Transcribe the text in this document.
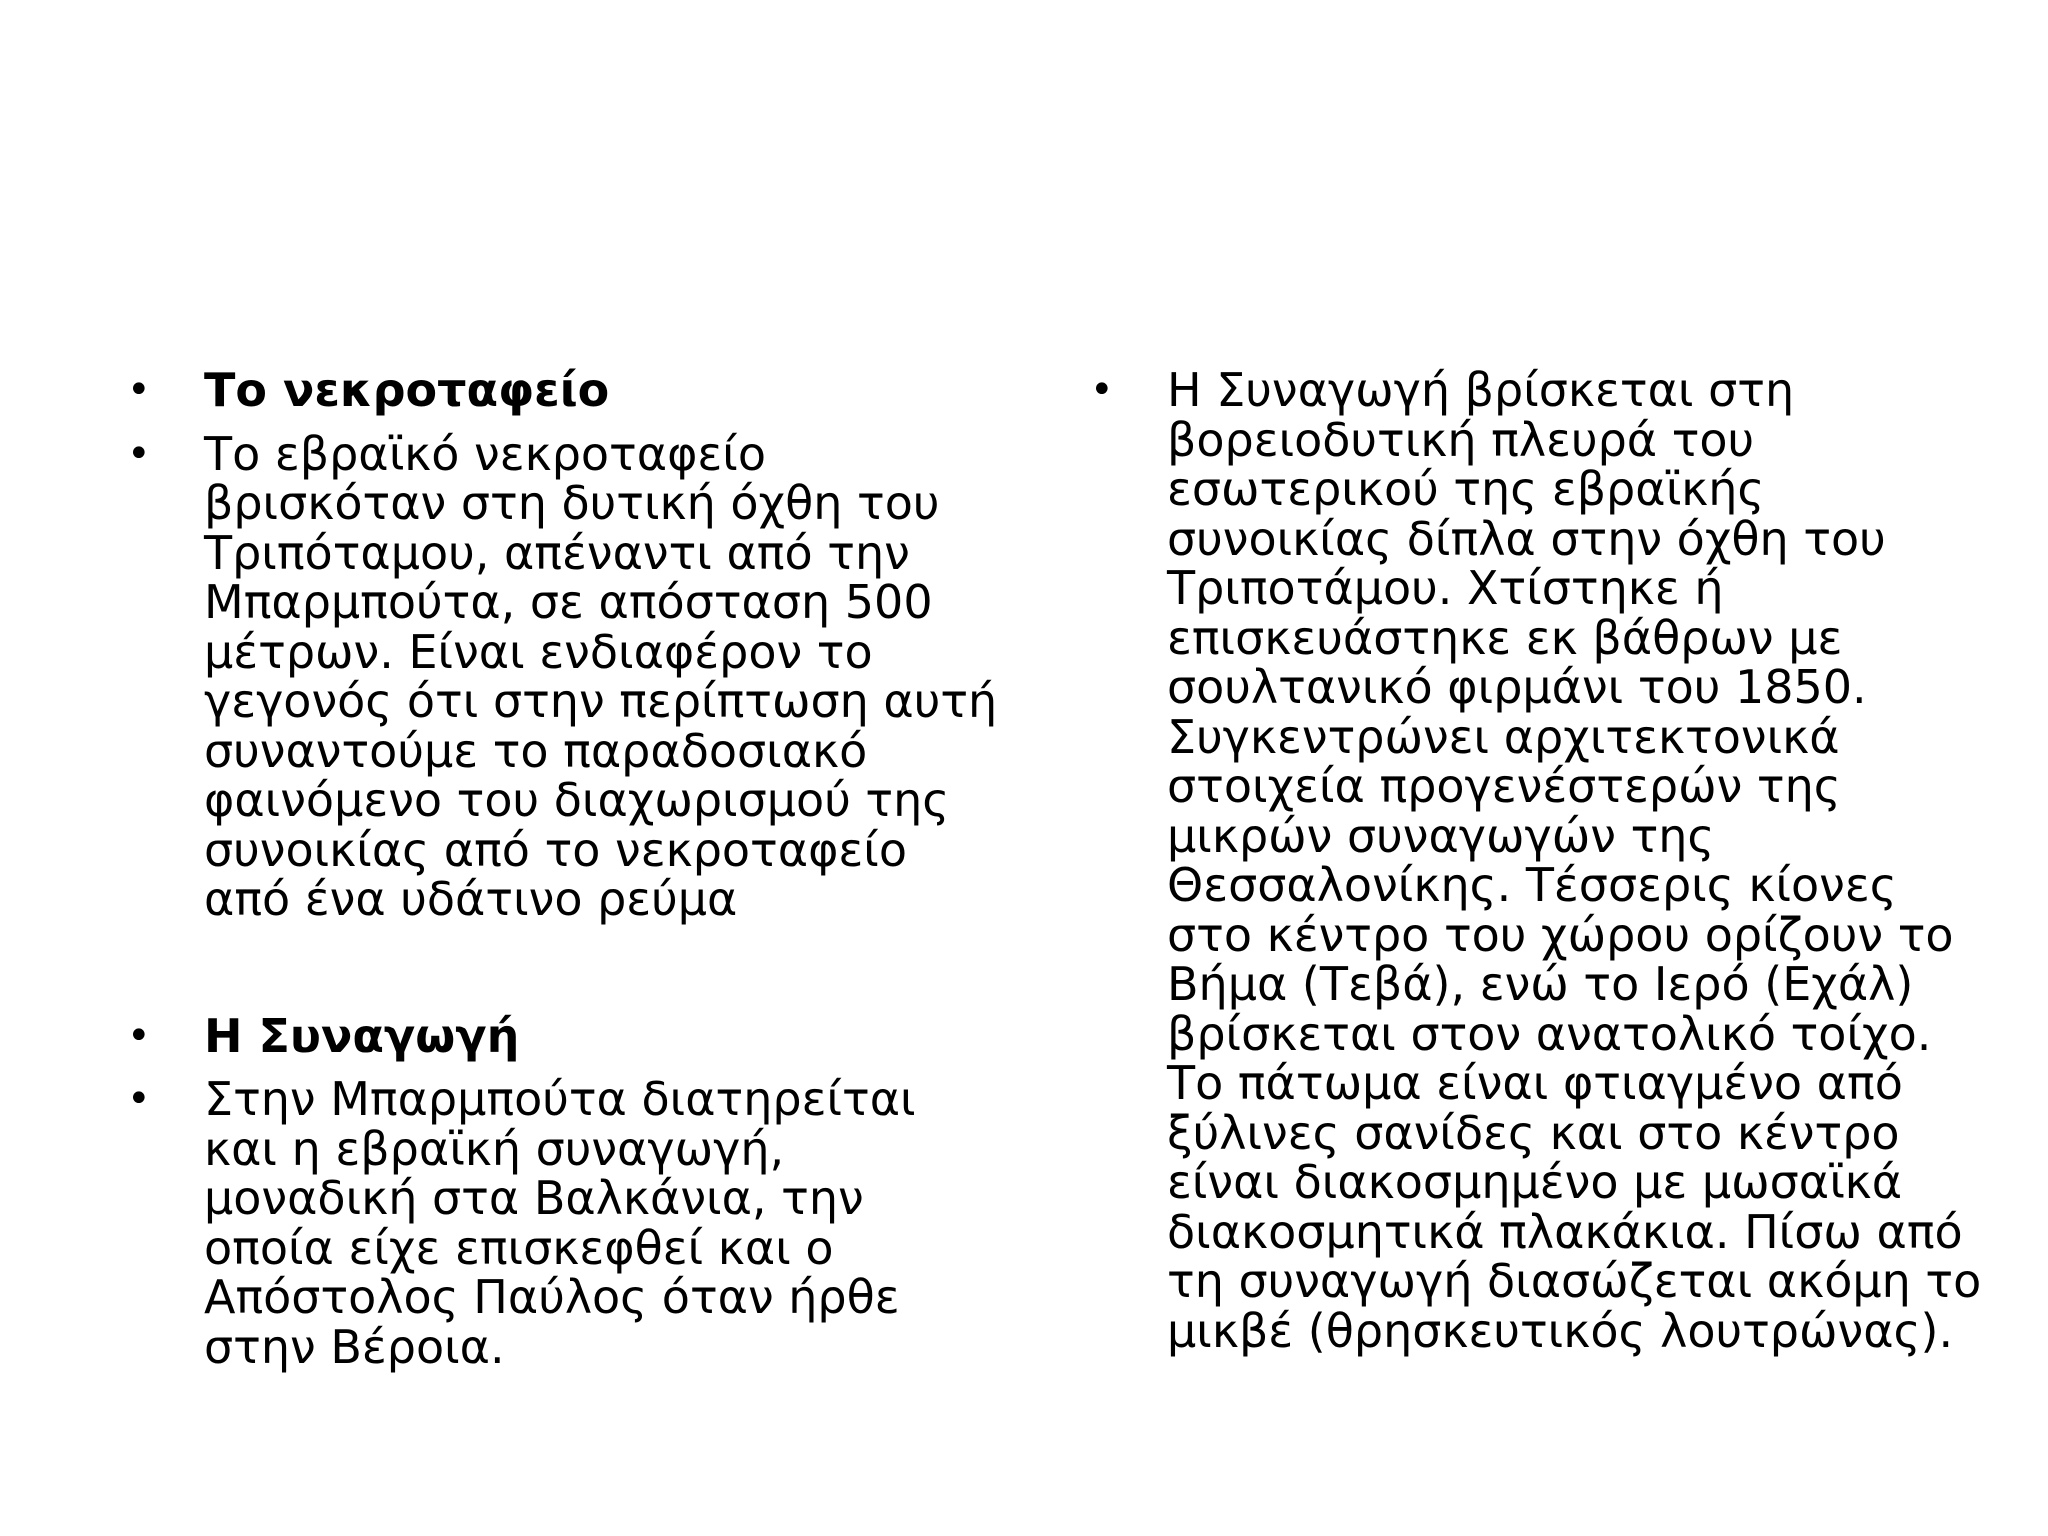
• Το νεκροταφείο
• Το εβραϊκό νεκροταφείο βρισκόταν στη δυτική όχθη του Τριπόταμου, απέναντι από την Μπαρμπούτα, σε απόσταση 500 μέτρων. Είναι ενδιαφέρον το γεγονός ότι στην περίπτωση αυτή συναντούμε το παραδοσιακό φαινόμενο του διαχωρισμού της συνοικίας από το νεκροταφείο από ένα υδάτινο ρεύμα
• Η Συναγωγή
• Στην Μπαρμπούτα διατηρείται και η εβραϊκή συναγωγή, μοναδική στα Βαλκάνια, την οποία είχε επισκεφθεί και ο Απόστολος Παύλος όταν ήρθε στην Βέροια.
• Η Συναγωγή βρίσκεται στη βορειοδυτική πλευρά του εσωτερικού της εβραϊκής συνοικίας δίπλα στην όχθη του Τριποτάμου. Χτίστηκε ή επισκευάστηκε εκ βάθρων με σουλτανικό φιρμάνι του 1850. Συγκεντρώνει αρχιτεκτονικά στοιχεία προγενέστερών της μικρών συναγωγών της Θεσσαλονίκης. Τέσσερις κίονες στο κέντρο του χώρου ορίζουν το Βήμα (Τεβά), ενώ το Ιερό (Εχάλ) βρίσκεται στον ανατολικό τοίχο. Το πάτωμα είναι φτιαγμένο από ξύλινες σανίδες και στο κέντρο είναι διακοσμημένο με μωσαϊκά διακοσμητικά πλακάκια. Πίσω από τη συναγωγή διασώζεται ακόμη το μικβέ (θρησκευτικός λουτρώνας).
